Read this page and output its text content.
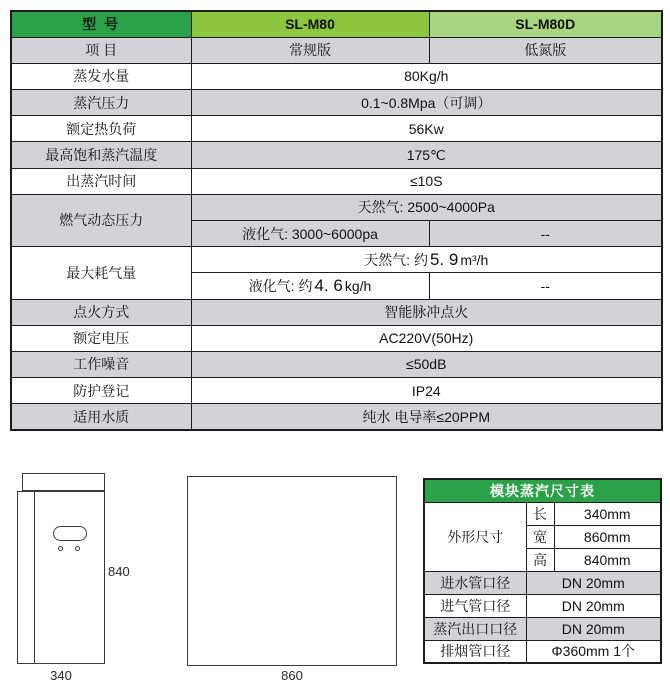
型 号	SL-M80	SL-M80D
项 目	常规版	低氮版
蒸发水量	80Kg/h	
蒸汽压力	0.1~0.8Mpa（可调）	
额定热负荷	56Kw	
最高饱和蒸汽温度	175℃	
出蒸汽时间	≤10S	
燃气动态压力	天然气: 2500~4000Pa	
	液化气: 3000~6000pa	--
最大耗气量	天然气: 约 5. 9 m³/h	
	液化气: 约 4. 6 kg/h	--
点火方式	智能脉冲点火	
额定电压	AC220V(50Hz)	
工作噪音	≤50dB	
防护登记	IP24	
适用水质	纯水 电导率≤20PPM	
840
340	860
模块蒸汽尺寸表		
外形尺寸	长	340mm
	宽	860mm
	高	840mm
进水管口径	DN 20mm	
进气管口径	DN 20mm	
蒸汽出口口径	DN 20mm	
排烟管口径	Φ360mm 1个	
